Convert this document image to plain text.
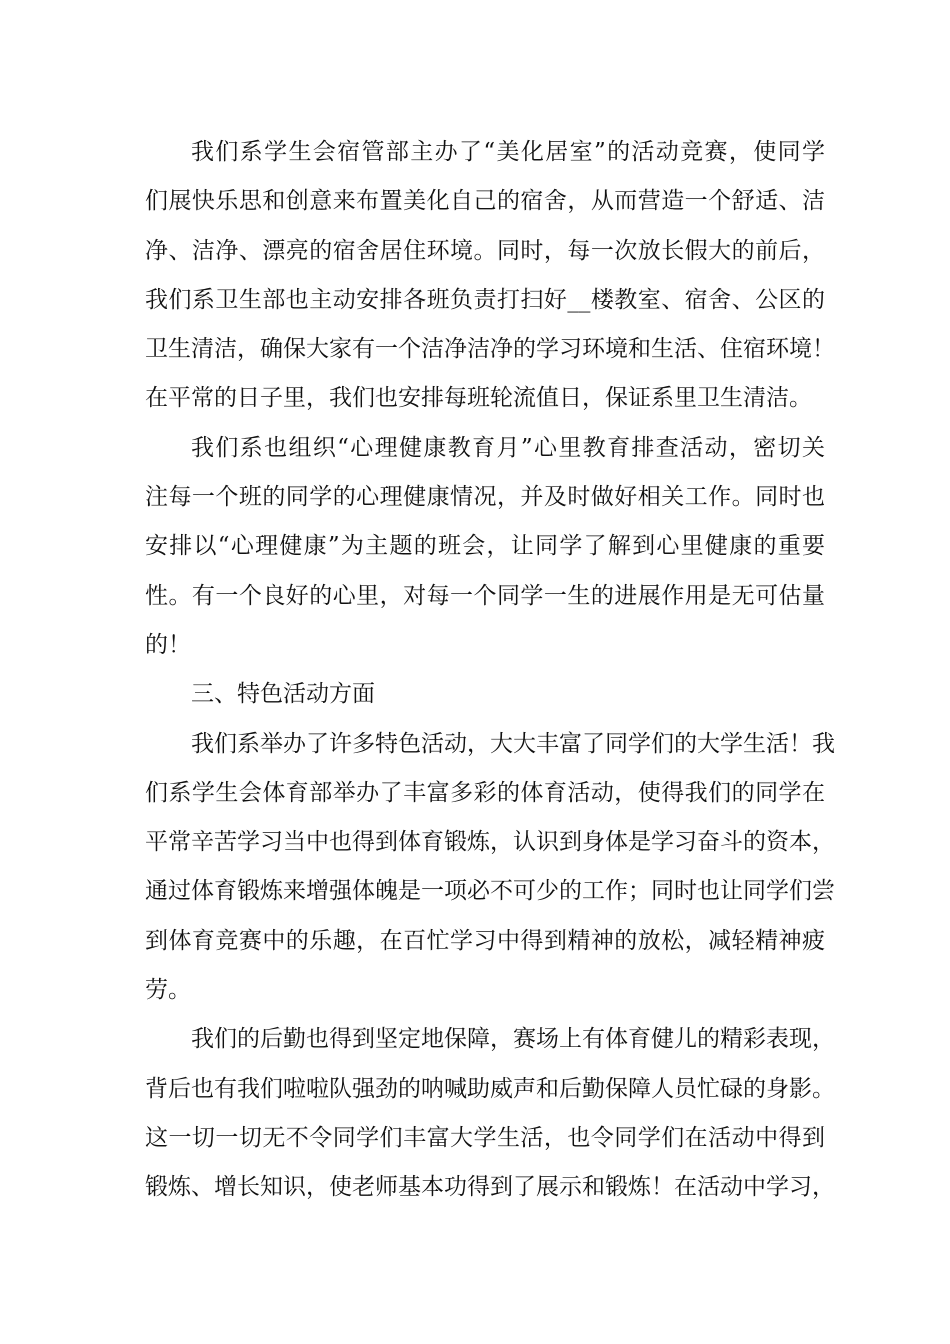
我们系学生会宿管部主办了“美化居室”的活动竞赛，使同学
们展快乐思和创意来布置美化自己的宿舍，从而营造一个舒适、洁
净、洁净、漂亮的宿舍居住环境。同时，每一次放长假大的前后，
我们系卫生部也主动安排各班负责打扫好__楼教室、宿舍、公区的
卫生清洁，确保大家有一个洁净洁净的学习环境和生活、住宿环境！
在平常的日子里，我们也安排每班轮流值日，保证系里卫生清洁。

我们系也组织“心理健康教育月”心里教育排查活动，密切关
注每一个班的同学的心理健康情况，并及时做好相关工作。同时也
安排以“心理健康”为主题的班会，让同学了解到心里健康的重要
性。有一个良好的心里，对每一个同学一生的进展作用是无可估量
的！

三、特色活动方面

我们系举办了许多特色活动，大大丰富了同学们的大学生活！我
们系学生会体育部举办了丰富多彩的体育活动，使得我们的同学在
平常辛苦学习当中也得到体育锻炼，认识到身体是学习奋斗的资本，
通过体育锻炼来增强体魄是一项必不可少的工作；同时也让同学们尝
到体育竞赛中的乐趣，在百忙学习中得到精神的放松，减轻精神疲
劳。

我们的后勤也得到坚定地保障，赛场上有体育健儿的精彩表现，
背后也有我们啦啦队强劲的呐喊助威声和后勤保障人员忙碌的身影。
这一切一切无不令同学们丰富大学生活，也令同学们在活动中得到
锻炼、增长知识，使老师基本功得到了展示和锻炼！在活动中学习，
